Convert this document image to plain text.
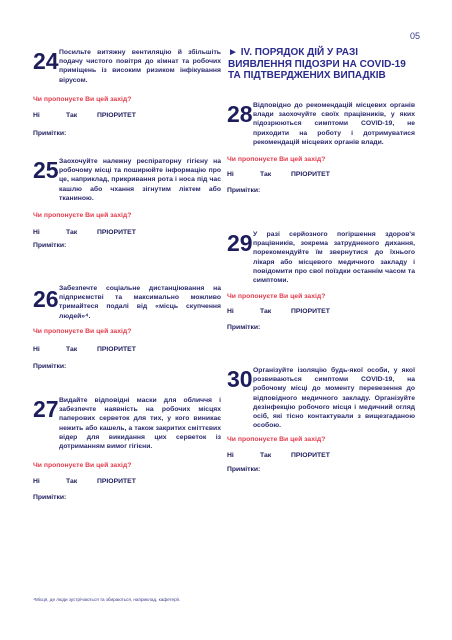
05
► IV. ПОРЯДОК ДІЙ У РАЗІ ВИЯВЛЕННЯ ПІДОЗРИ НА COVID-19 ТА ПІДТВЕРДЖЕНИХ ВИПАДКІВ
24 Посильте витяжну вентиляцію й збільшіть подачу чистого повітря до кімнат та робочих приміщень із високим ризиком інфікування вірусом.
Чи пропонуєте Ви цей захід?
Ні	Так	ПРІОРИТЕТ
Примітки:
25 Заохочуйте належну респіраторну гігієну на робочому місці та поширюйте інформацію про це, наприклад, прикривання рота і носа під час кашлю або чхання зігнутим ліктем або тканиною.
Чи пропонуєте Ви цей захід?
Ні	Так	ПРІОРИТЕТ
Примітки:
26 Забезпечте соціальне дистанціювання на підприємстві та максимально можливо тримайтеся подалі від «місць скупчення людей»⁴.
Чи пропонуєте Ви цей захід?
Ні	Так	ПРІОРИТЕТ
Примітки:
27 Видайте відповідні маски для обличчя і забезпечте наявність на робочих місцях паперових серветок для тих, у кого виникає нежить або кашель, а також закритих сміттєвих відер для викидання цих серветок із дотриманням вимог гігієни.
Чи пропонуєте Ви цей захід?
Ні	Так	ПРІОРИТЕТ
Примітки:
28 Відповідно до рекомендацій місцевих органів влади заохочуйте своїх працівників, у яких підозрюються симптоми COVID-19, не приходити на роботу і дотримуватися рекомендацій місцевих органів влади.
Чи пропонуєте Ви цей захід?
Ні	Так	ПРІОРИТЕТ
Примітки:
29 У разі серйозного погіршення здоров'я працівників, зокрема затрудненого дихання, порекомендуйте їм звернутися до їхнього лікаря або місцевого медичного закладу і повідомити про свої поїздки останнім часом та симптоми.
Чи пропонуєте Ви цей захід?
Ні	Так	ПРІОРИТЕТ
Примітки:
30 Організуйте ізоляцію будь-якої особи, у якої розвиваються симптоми COVID-19, на робочому місці до моменту перевезення до відповідного медичного закладу. Організуйте дезінфекцію робочого місця і медичний огляд осіб, які тісно контактували з вищезгаданою особою.
Чи пропонуєте Ви цей захід?
Ні	Так	ПРІОРИТЕТ
Примітки:
⁴Місця, де люди зустрічаються та збираються, наприклад, кафетерії.
